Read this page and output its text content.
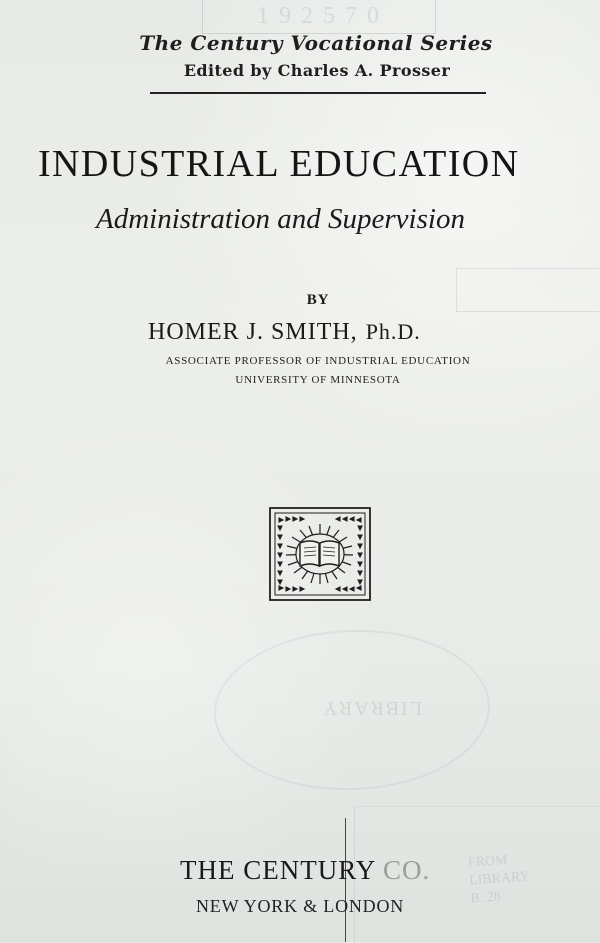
1 9 2 5 7 0
LIBRARY
FROM
LIBRARY
B. 28
The Century Vocational Series
Edited by Charles A. Prosser
INDUSTRIAL EDUCATION
Administration and Supervision
BY
HOMER J. SMITH, Ph.D.
ASSOCIATE PROFESSOR OF INDUSTRIAL EDUCATION
UNIVERSITY OF MINNESOTA
THE CENTURY CO.
NEW YORK & LONDON
